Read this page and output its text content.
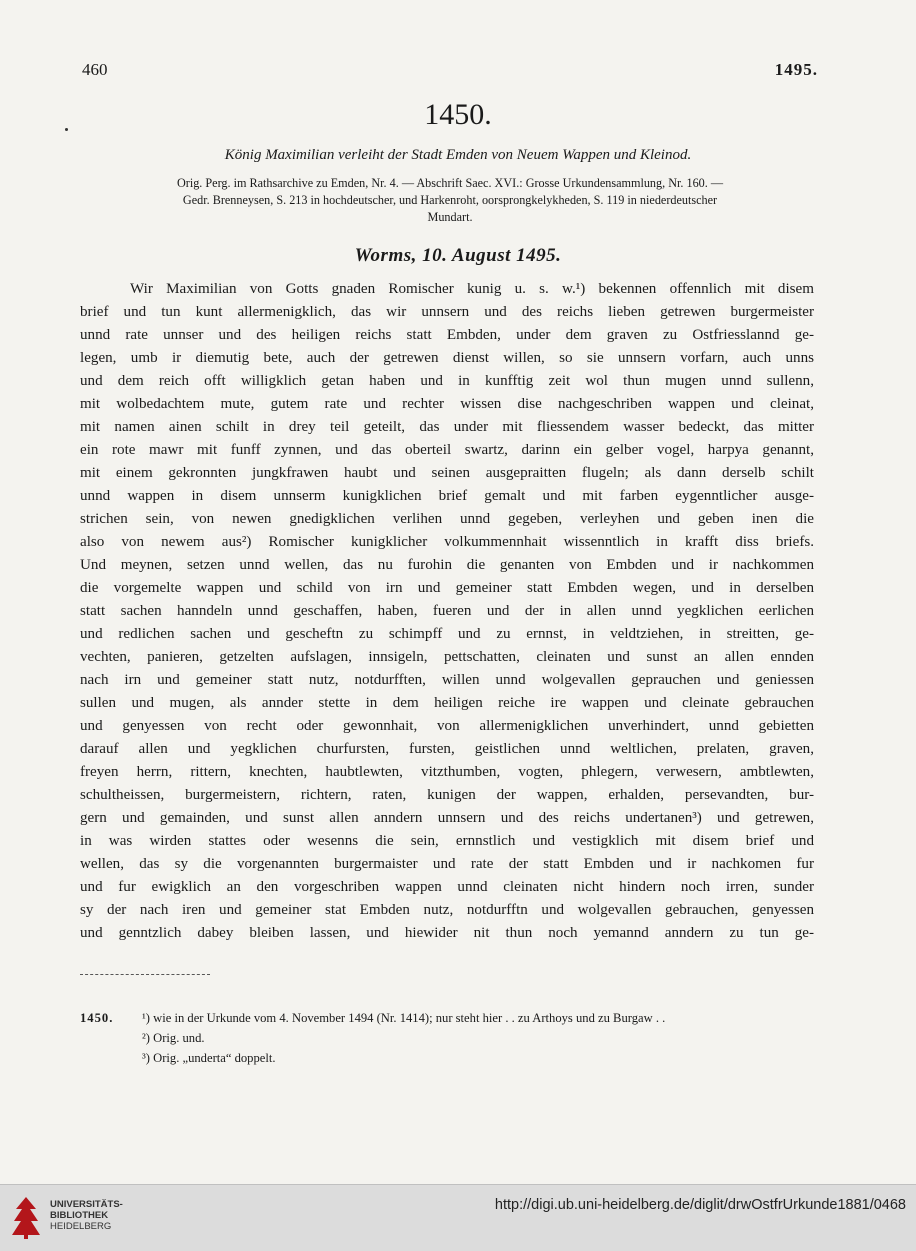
460	1495.
1450.
König Maximilian verleiht der Stadt Emden von Neuem Wappen und Kleinod.
Orig. Perg. im Rathsarchive zu Emden, Nr. 4. — Abschrift Saec. XVI.: Grosse Urkundensammlung, Nr. 160. —
Gedr. Brenneysen, S. 213 in hochdeutscher, und Harkenroht, oorsprongkelykheden, S. 119 in niederdeutscher
Mundart.
Worms, 10. August 1495.
Wir Maximilian von Gotts gnaden Romischer kunig u. s. w.¹) bekennen offennlich mit disem
brief und tun kunt allermenigklich, das wir unnsern und des reichs lieben getrewen burgermeister
unnd rate unnser und des heiligen reichs statt Embden, under dem graven zu Ostfriesslannd ge-
legen, umb ir diemutig bete, auch der getrewen dienst willen, so sie unnsern vorfarn, auch unns
und dem reich offt willigklich getan haben und in kunfftig zeit wol thun mugen unnd sullenn,
mit wolbedachtem mute, gutem rate und rechter wissen dise nachgeschriben wappen und cleinat,
mit namen ainen schilt in drey teil geteilt, das under mit fliessendem wasser bedeckt, das mitter
ein rote mawr mit funff zynnen, und das oberteil swartz, darinn ein gelber vogel, harpya genannt,
mit einem gekronnten jungkfrawen haubt und seinen ausgepraitten flugeln; als dann derselb schilt
unnd wappen in disem unnserm kunigklichen brief gemalt und mit farben eygenntlicher ausge-
strichen sein, von newen gnedigklichen verlihen unnd gegeben, verleyhen und geben inen die
also von newem aus²) Romischer kunigklicher volkummennhait wissenntlich in krafft diss briefs.
Und meynen, setzen unnd wellen, das nu furohin die genanten von Embden und ir nachkommen
die vorgemelte wappen und schild von irn und gemeiner statt Embden wegen, und in derselben
statt sachen hanndeln unnd geschaffen, haben, fueren und der in allen unnd yegklichen eerlichen
und redlichen sachen und gescheftn zu schimpff und zu ernnst, in veldtziehen, in streitten, ge-
vechten, panieren, getzelten aufslagen, innsigeln, pettschatten, cleinaten und sunst an allen ennden
nach irn und gemeiner statt nutz, notdurfften, willen unnd wolgevallen geprauchen und geniessen
sullen und mugen, als annder stette in dem heiligen reiche ire wappen und cleinate gebrauchen
und genyessen von recht oder gewonnhait, von allermenigklichen unverhindert, unnd gebietten
darauf allen und yegklichen churfursten, fursten, geistlichen unnd weltlichen, prelaten, graven,
freyen herrn, rittern, knechten, haubtlewten, vitzthumben, vogten, phlegern, verwesern, ambtlewten,
schultheissen, burgermeistern, richtern, raten, kunigen der wappen, erhalden, persevandten, bur-
gern und gemainden, und sunst allen anndern unnsern und des reichs undertanen³) und getrewen,
in was wirden stattes oder wesenns die sein, ernnstlich und vestigklich mit disem brief und
wellen, das sy die vorgenannten burgermaister und rate der statt Embden und ir nachkomen fur
und fur ewigklich an den vorgeschriben wappen unnd cleinaten nicht hindern noch irren, sunder
sy der nach iren und gemeiner stat Embden nutz, notdurfftn und wolgevallen gebrauchen, genyessen
und genntzlich dabey bleiben lassen, und hiewider nit thun noch yemannd anndern zu tun ge-
1450. ¹) wie in der Urkunde vom 4. November 1494 (Nr. 1414); nur steht hier . . zu Arthoys und zu Burgaw . .
²) Orig. und.
³) Orig. „underta“ doppelt.
UNIVERSITÄTS-
BIBLIOTHEK
HEIDELBERG
http://digi.ub.uni-heidelberg.de/diglit/drwOstfrUrkunde1881/0468
